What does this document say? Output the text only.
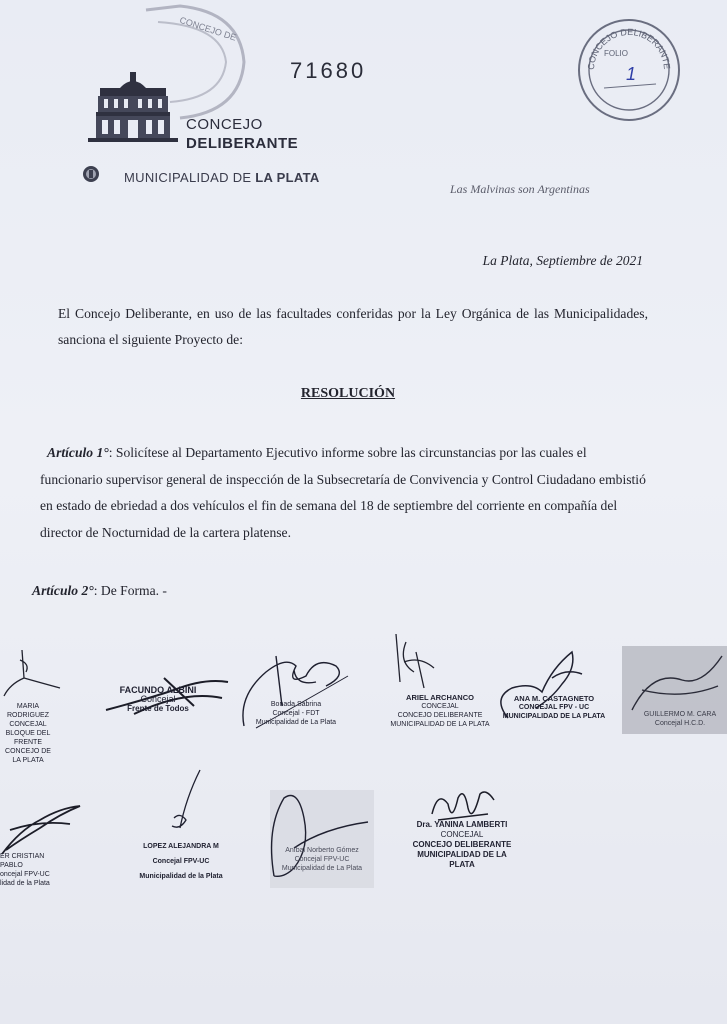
CONCEJO DE
71680
CONCEJO
DELIBERANTE
MUNICIPALIDAD DE LA PLATA
CONCEJO DELIBERANTE
FOLIO
1
Las Malvinas son Argentinas
La Plata, Septiembre de 2021
El Concejo Deliberante, en uso de las facultades conferidas por la Ley Orgánica de las Municipalidades, sanciona el siguiente Proyecto de:
RESOLUCIÓN
Artículo 1°: Solicítese al Departamento Ejecutivo informe sobre las circunstancias por las cuales el funcionario supervisor general de inspección de la Subsecretaría de Convivencia y Control Ciudadano embistió en estado de ebriedad a dos vehículos el fin de semana del 18 de septiembre del corriente en compañía del director de Nocturnidad de la cartera platense.
Artículo 2°: De Forma. -
MARIA RODRIGUEZ
CONCEJAL
BLOQUE DEL FRENTE
CONCEJO DE LA PLATA
FACUNDO ALBINI
Concejal
Frente de Todos	Bonada Sabrina
Concejal - FDT
Municipalidad de La Plata
ARIEL ARCHANCO
CONCEJAL
CONCEJO DELIBERANTE
MUNICIPALIDAD DE LA PLATA
ANA M. CASTAGNETO
CONCEJAL FPV - UC
MUNICIPALIDAD DE LA PLATA	GUILLERMO M. CARA
Concejal H.C.D.
ER CRISTIAN PABLO
oncejal FPV-UC
lidad de la Plata
LOPEZ ALEJANDRA M
Concejal FPV-UC
Municipalidad de la Plata
Aníbal Norberto Gómez
Concejal FPV-UC
Municipalidad de La Plata
Dra. YANINA LAMBERTI
CONCEJAL
CONCEJO DELIBERANTE
MUNICIPALIDAD DE LA PLATA
